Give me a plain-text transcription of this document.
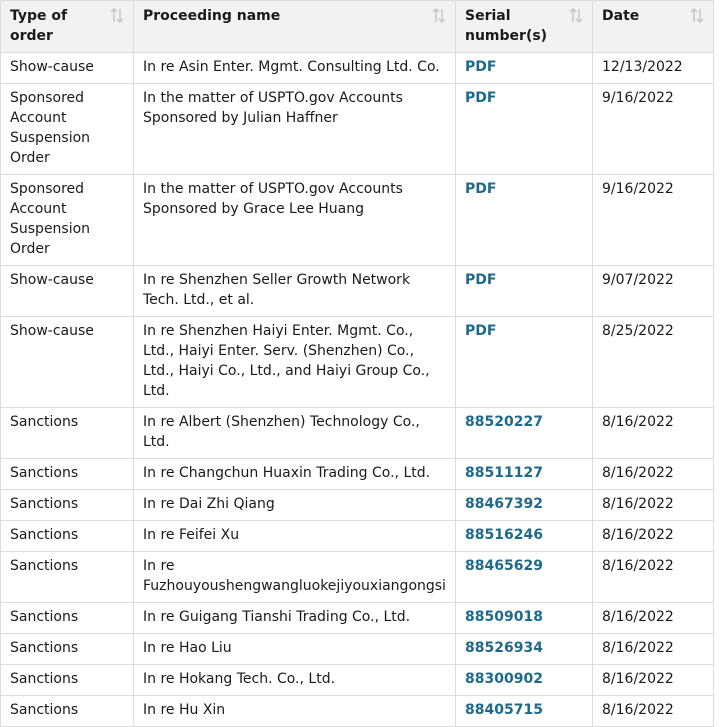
Type of order	Proceeding name	Serial number(s)	Date

Show-cause	In re Asin Enter. Mgmt. Consulting Ltd. Co.	PDF	12/13/2022
Sponsored Account Suspension Order	In the matter of USPTO.gov Accounts Sponsored by Julian Haffner	PDF	9/16/2022
Sponsored Account Suspension Order	In the matter of USPTO.gov Accounts Sponsored by Grace Lee Huang	PDF	9/16/2022
Show-cause	In re Shenzhen Seller Growth Network Tech. Ltd., et al.	PDF	9/07/2022
Show-cause	In re Shenzhen Haiyi Enter. Mgmt. Co., Ltd., Haiyi Enter. Serv. (Shenzhen) Co., Ltd., Haiyi Co., Ltd., and Haiyi Group Co., Ltd.	PDF	8/25/2022
Sanctions	In re Albert (Shenzhen) Technology Co., Ltd.	88520227	8/16/2022
Sanctions	In re Changchun Huaxin Trading Co., Ltd.	88511127	8/16/2022
Sanctions	In re Dai Zhi Qiang	88467392	8/16/2022
Sanctions	In re Feifei Xu	88516246	8/16/2022
Sanctions	In re Fuzhouyoushengwangluokejiyouxiangongsi	88465629	8/16/2022
Sanctions	In re Guigang Tianshi Trading Co., Ltd.	88509018	8/16/2022
Sanctions	In re Hao Liu	88526934	8/16/2022
Sanctions	In re Hokang Tech. Co., Ltd.	88300902	8/16/2022
Sanctions	In re Hu Xin	88405715	8/16/2022
